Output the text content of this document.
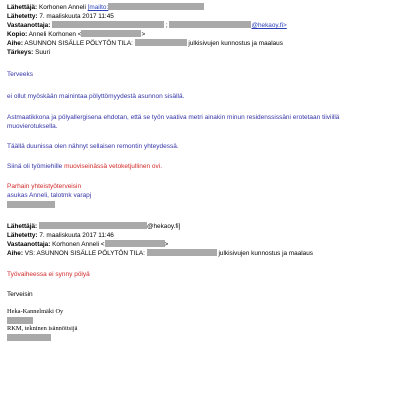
Lähettäjä: Korhonen Anneli [mailto:
Lähetetty: 7. maaliskuuta 2017 11:45
Vastaanottaja:	;	@hekaoy.fi>
Kopio: Anneli Korhonen <	>
Aihe: ASUNNON SISÄLLE PÖLYTÖN TILA:	julkisivujen kunnostus ja maalaus
Tärkeys: Suuri
Terveeks
ei ollut myöskään mainintaa pölyttömyydestä asunnon sisällä.
Astmaatikkona ja pölyallergisena ehdotan, että se työn vaativa metri ainakin minun residenssissäni erotetaan tiiviillä
muovierotuksella.
Täällä duunissa olen nähnyt sellaisen remontin yhteydessä.
Siinä oli työmiehille muoviseinässä vetoketjullinen ovi.
Parhain yhteistyöterveisin
asukas Anneli, talotmk varapj
Lähettäjä:	@hekaoy.fi]
Lähetetty: 7. maaliskuuta 2017 11:46
Vastaanottaja: Korhonen Anneli <	>
Aihe: VS: ASUNNON SISÄLLE PÖLYTÖN TILA:	julkisivujen kunnostus ja maalaus
Työvaiheessa ei synny pölyä
Terveisin
Heka-Kannelmäki Oy
RKM, tekninen isännöitsijä
